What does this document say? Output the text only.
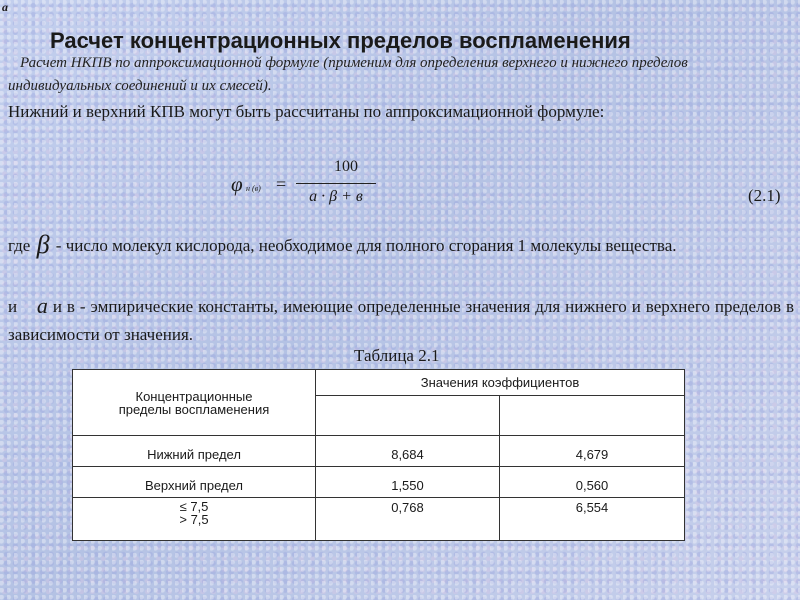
a
Расчет концентрационных пределов воспламенения
Расчет НКПВ по аппроксимационной формуле (применим для определения верхнего и нижнего пределов индивидуальных соединений и их смесей).
Нижний и верхний КПВ могут быть рассчитаны по аппроксимационной формуле:
φ н (в) =
100
a · β + в	(2.1)
где β - число молекул кислорода, необходимое для полного сгорания 1 молекулы вещества.
и a и в - эмпирические константы, имеющие определенные значения для нижнего и верхнего пределов в зависимости от значения.
Таблица 2.1
Концентрационные
пределы воспламенения	Значения коэффициентов	

Нижний предел	8,684	4,679
Верхний предел	1,550	0,560

≤ 7,5
> 7,5	0,768	6,554
